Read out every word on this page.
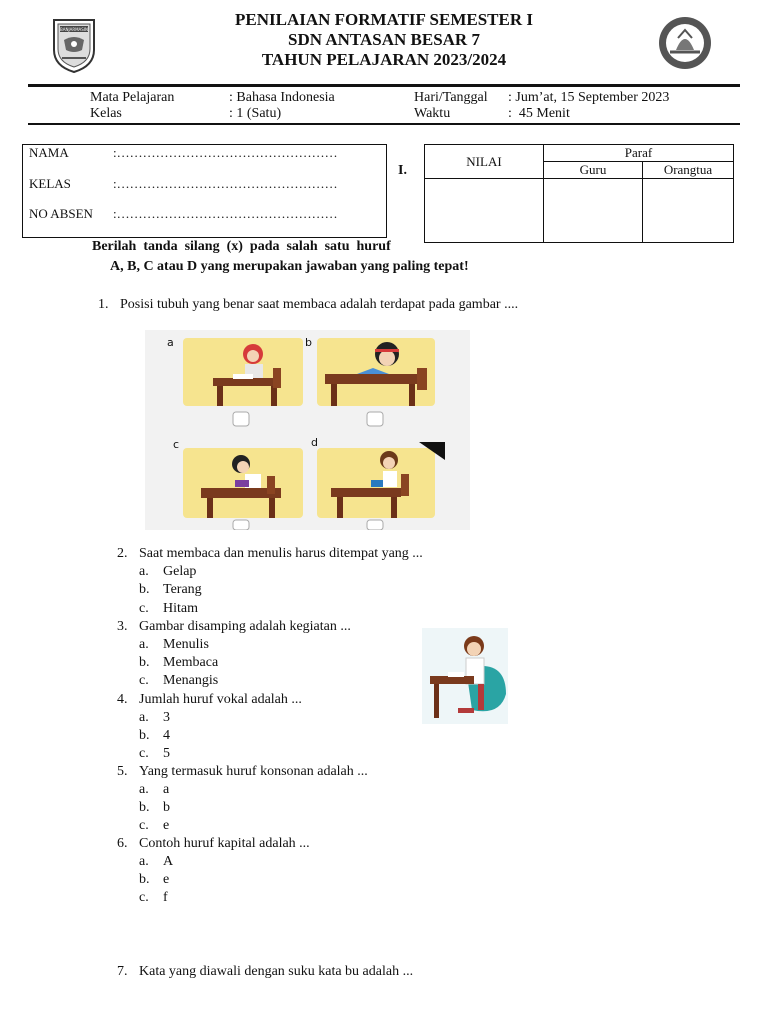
BANJARMASIN
PENILAIAN FORMATIF SEMESTER I
SDN ANTASAN BESAR 7
TAHUN PELAJARAN 2023/2024
Mata Pelajaran	: Bahasa Indonesia
Kelas	: 1 (Satu)
Hari/Tanggal : Jum’at, 15 September 2023
Waktu	:  45 Menit
NAMA	:……………………………………………
KELAS	:……………………………………………
NO ABSEN :……………………………………………
I.
NILAI	Paraf	
	Guru	Orangtua

Berilah  tanda  silang  (x)  pada  salah  satu  huruf
A, B, C atau D yang merupakan jawaban yang paling tepat!
1. Posisi tubuh yang benar saat membaca adalah terdapat pada gambar ....
a	b
c	d
2. Saat membaca dan menulis harus ditempat yang ...
a. Gelap
b. Terang
c. Hitam
3. Gambar disamping adalah kegiatan ...
a. Menulis
b. Membaca
c. Menangis
4. Jumlah huruf vokal adalah ...
a. 3
b. 4
c. 5
5. Yang termasuk huruf konsonan adalah ...
a. a
b. b
c. e
6. Contoh huruf kapital adalah ...
a. A
b. e
c. f
7. Kata yang diawali dengan suku kata bu adalah ...
